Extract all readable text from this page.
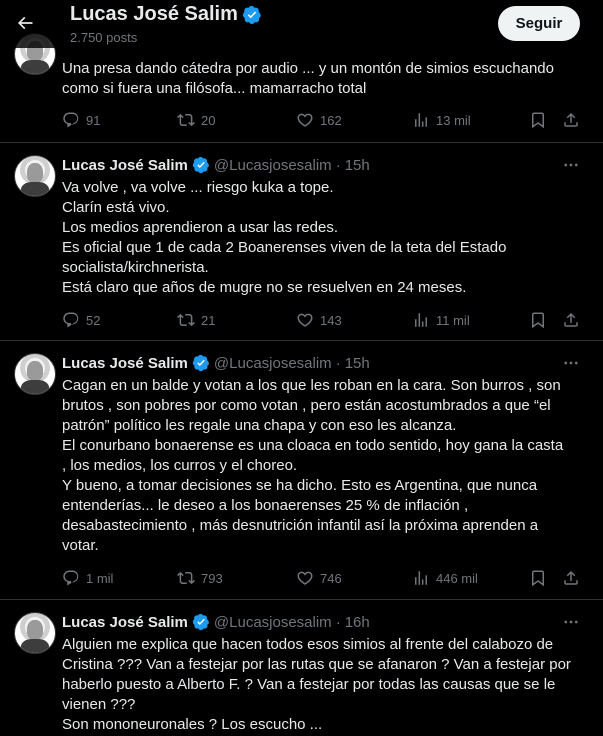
Lucas José Salim
2.750 posts
Seguir
Una presa dando cátedra por audio ... y un montón de simios escuchando
como si fuera una filósofa... mamarracho total
91	20	162	13 mil
Lucas José Salim @Lucasjosesalim · 15h
Va volve , va volve ... riesgo kuka a tope.
Clarín está vivo.
Los medios aprendieron a usar las redes.
Es oficial que 1 de cada 2 Boanerenses viven de la teta del Estado
socialista/kirchnerista.
Está claro que años de mugre no se resuelven en 24 meses.
52	21	143	11 mil
Lucas José Salim @Lucasjosesalim · 15h
Cagan en un balde y votan a los que les roban en la cara. Son burros , son
brutos , son pobres por como votan , pero están acostumbrados a que “el
patrón” político les regale una chapa y con eso les alcanza.
El conurbano bonaerense es una cloaca en todo sentido, hoy gana la casta
, los medios, los curros y el choreo.
Y bueno, a tomar decisiones se ha dicho. Esto es Argentina, que nunca
entenderías... le deseo a los bonaerenses 25 % de inflación ,
desabastecimiento , más desnutrición infantil así la próxima aprenden a
votar.
1 mil	793	746	446 mil
Lucas José Salim @Lucasjosesalim · 16h
Alguien me explica que hacen todos esos simios al frente del calabozo de
Cristina ??? Van a festejar por las rutas que se afanaron ? Van a festejar por
haberlo puesto a Alberto F. ? Van a festejar por todas las causas que se le
vienen ???
Son mononeuronales ? Los escucho ...
